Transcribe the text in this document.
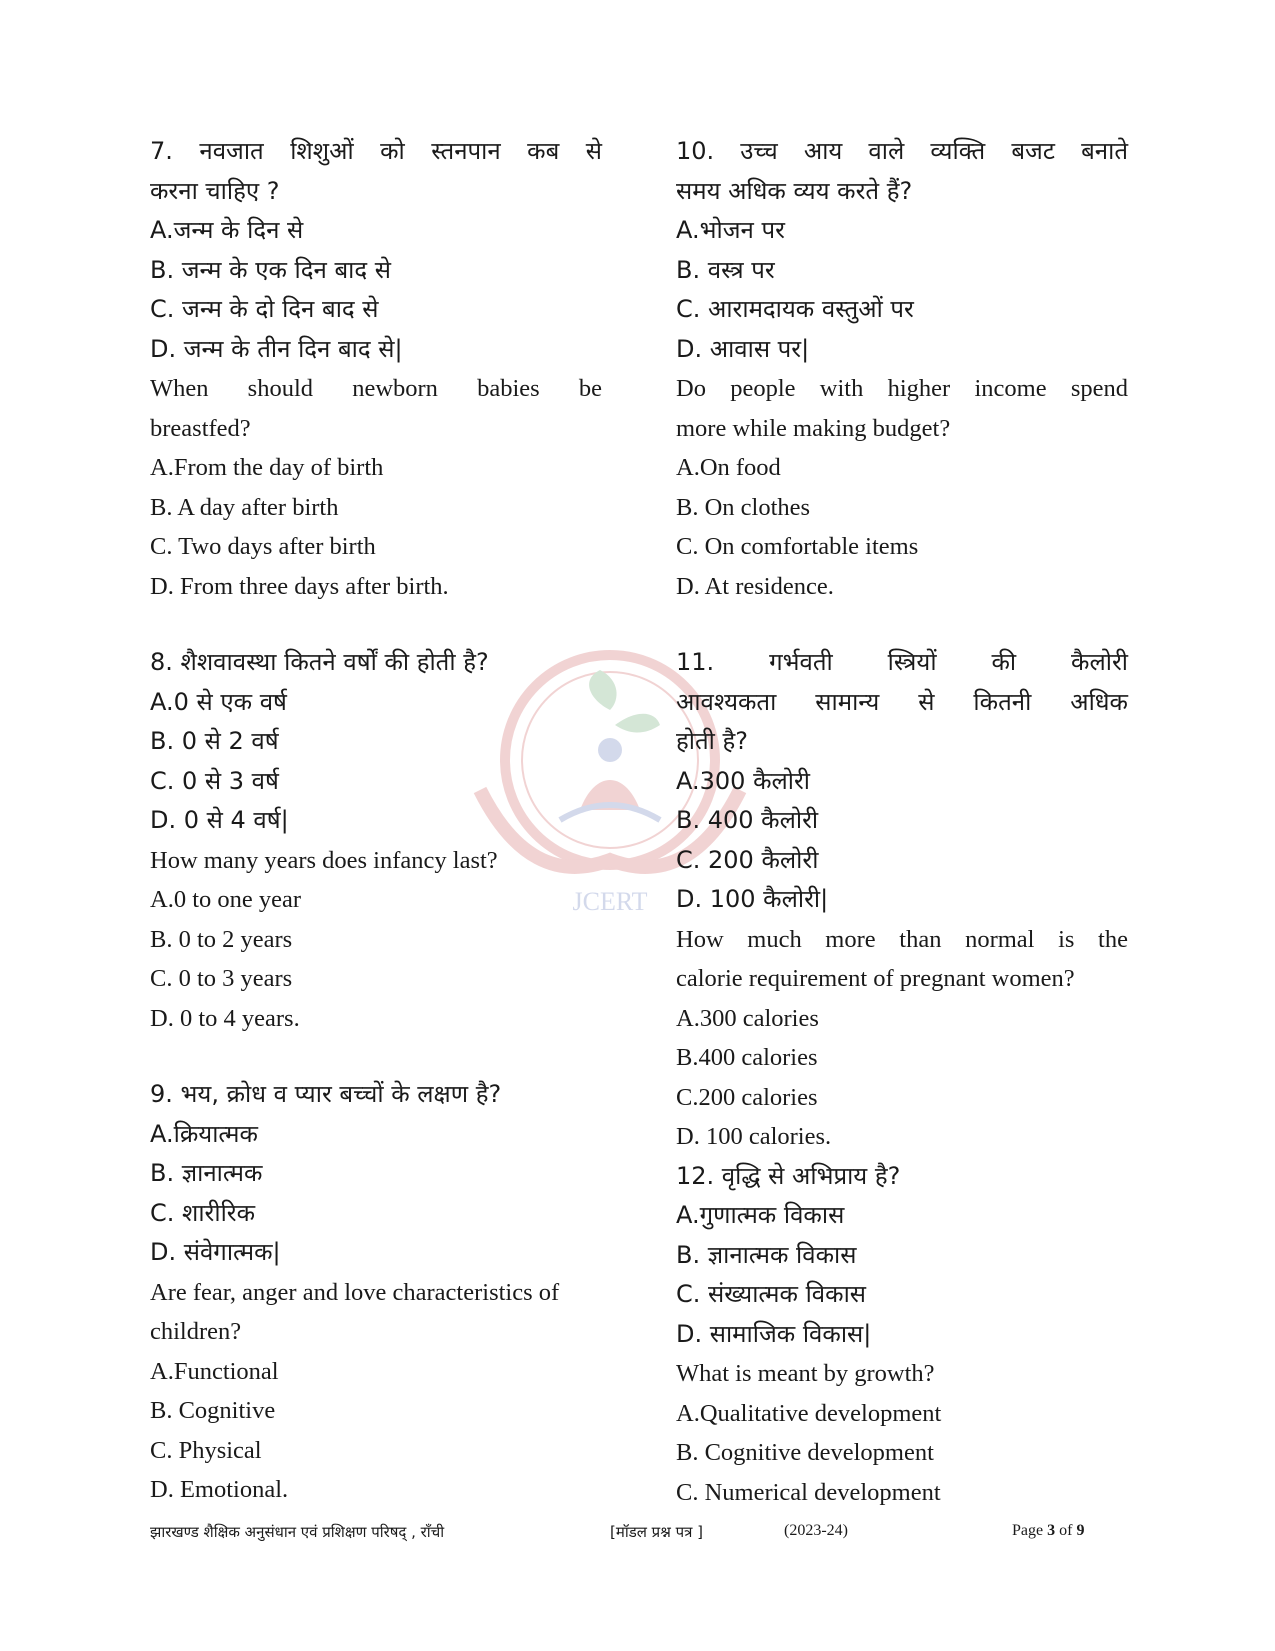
JCERT
7. नवजात शिशुओं को स्तनपान कब से
करना चाहिए ?
A.जन्म के दिन से
B. जन्म के एक दिन बाद से
C. जन्म के दो दिन बाद से
D. जन्म के तीन दिन बाद से|
When should newborn babies be
breastfed?
A.From the day of birth
B. A day after birth
C. Two days after birth
D. From three days after birth.
8. शैशवावस्था कितने वर्षों की होती है?
A.0 से एक वर्ष
B. 0 से 2 वर्ष
C. 0 से 3 वर्ष
D. 0 से 4 वर्ष|
How many years does infancy last?
A.0 to one year
B. 0 to 2 years
C. 0 to 3 years
D. 0 to 4 years.
9. भय, क्रोध व प्यार बच्चों के लक्षण है?
A.क्रियात्मक
B. ज्ञानात्मक
C. शारीरिक
D. संवेगात्मक|
Are fear, anger and love characteristics of
children?
A.Functional
B. Cognitive
C. Physical
D. Emotional.
10. उच्च आय वाले व्यक्ति बजट बनाते
समय अधिक व्यय करते हैं?
A.भोजन पर
B. वस्त्र पर
C. आरामदायक वस्तुओं पर
D. आवास पर|
Do people with higher income spend
more while making budget?
A.On food
B. On clothes
C. On comfortable items
D. At residence.
11. गर्भवती स्त्रियों की कैलोरी
आवश्यकता सामान्य से कितनी अधिक
होती है?
A.300 कैलोरी
B. 400 कैलोरी
C. 200 कैलोरी
D. 100 कैलोरी|
How much more than normal is the
calorie requirement of pregnant women?
A.300 calories
B.400 calories
C.200 calories
D. 100 calories.
12. वृद्धि से अभिप्राय है?
A.गुणात्मक विकास
B. ज्ञानात्मक विकास
C. संख्यात्मक विकास
D. सामाजिक विकास|
What is meant by growth?
A.Qualitative development
B. Cognitive development
C. Numerical development
झारखण्ड शैक्षिक अनुसंधान एवं प्रशिक्षण परिषद् , राँची	[मॉडल प्रश्न पत्र ]	(2023-24)	Page 3 of 9
